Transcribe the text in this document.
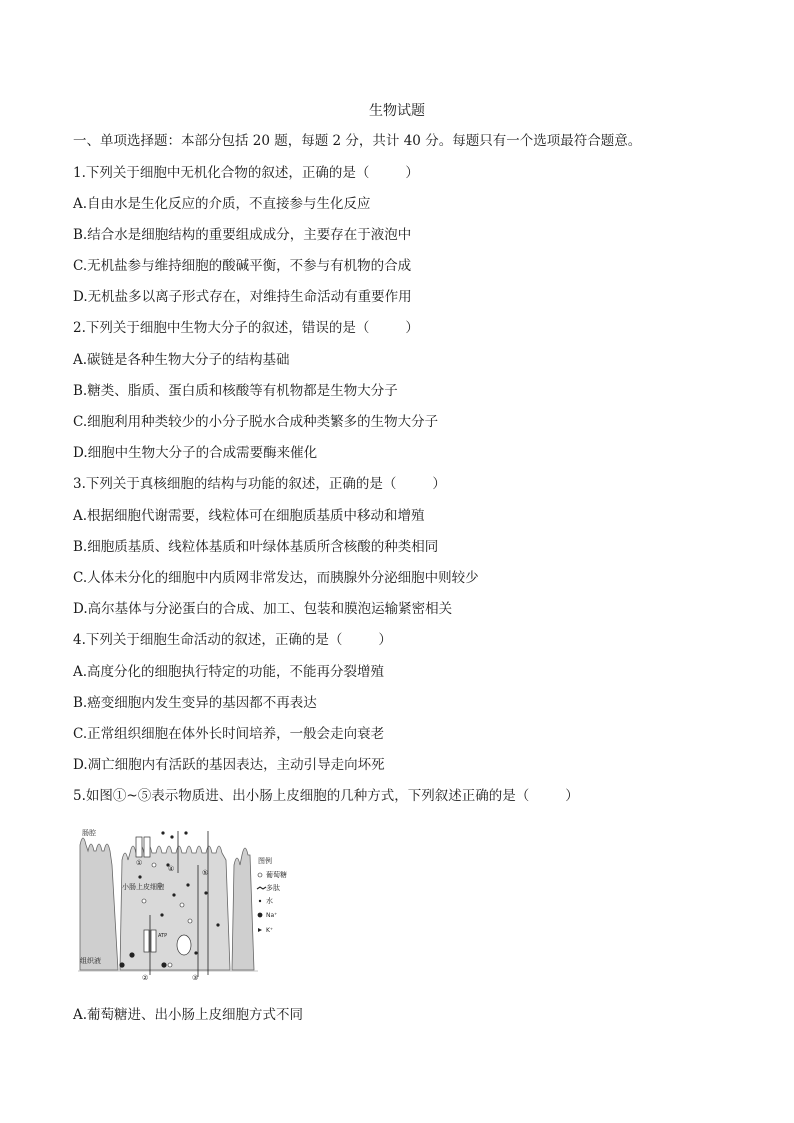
生物试题
一、单项选择题：本部分包括 20 题，每题 2 分，共计 40 分。每题只有一个选项最符合题意。
1.下列关于细胞中无机化合物的叙述，正确的是（	）
A.自由水是生化反应的介质，不直接参与生化反应
B.结合水是细胞结构的重要组成成分，主要存在于液泡中
C.无机盐参与维持细胞的酸碱平衡，不参与有机物的合成
D.无机盐多以离子形式存在，对维持生命活动有重要作用
2.下列关于细胞中生物大分子的叙述，错误的是（	）
A.碳链是各种生物大分子的结构基础
B.糖类、脂质、蛋白质和核酸等有机物都是生物大分子
C.细胞利用种类较少的小分子脱水合成种类繁多的生物大分子
D.细胞中生物大分子的合成需要酶来催化
3.下列关于真核细胞的结构与功能的叙述，正确的是（	）
A.根据细胞代谢需要，线粒体可在细胞质基质中移动和增殖
B.细胞质基质、线粒体基质和叶绿体基质所含核酸的种类相同
C.人体未分化的细胞中内质网非常发达，而胰腺外分泌细胞中则较少
D.高尔基体与分泌蛋白的合成、加工、包装和膜泡运输紧密相关
4.下列关于细胞生命活动的叙述，正确的是（	）
A.高度分化的细胞执行特定的功能，不能再分裂增殖
B.癌变细胞内发生变异的基因都不再表达
C.正常组织细胞在体外长时间培养，一般会走向衰老
D.凋亡细胞内有活跃的基因表达，主动引导走向坏死
5.如图①~⑤表示物质进、出小肠上皮细胞的几种方式，下列叙述正确的是（	）
①
②	③
④	⑤
肠腔
小肠上皮细胞
组织液
ATP
图例
葡萄糖
多肽
水
Na⁺
K⁺
A.葡萄糖进、出小肠上皮细胞方式不同
